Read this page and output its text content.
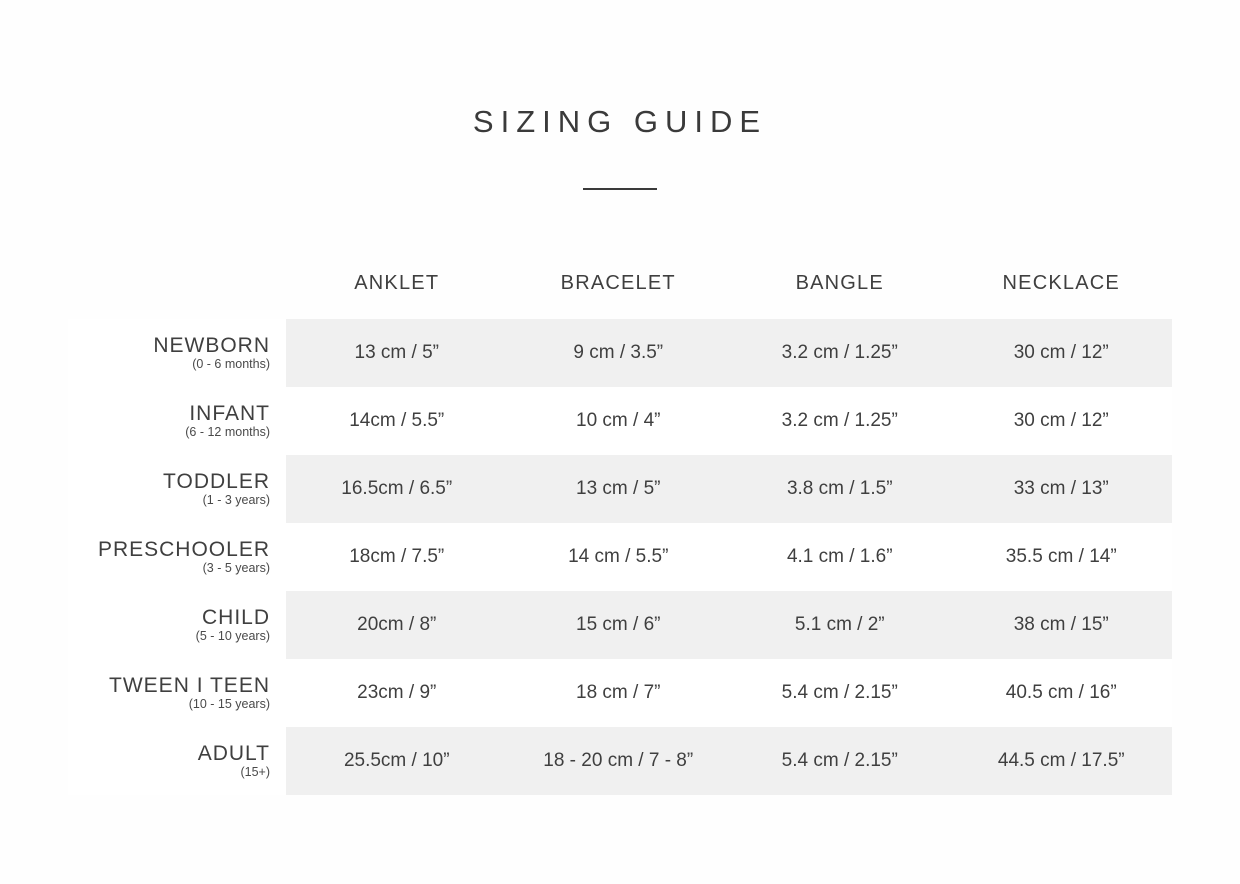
SIZING GUIDE
	ANKLET	BRACELET	BANGLE	NECKLACE

NEWBORN
(0 - 6 months)	13 cm / 5”	9 cm / 3.5”	3.2 cm / 1.25”	30 cm / 12”

INFANT
(6 - 12 months)	14cm / 5.5”	10 cm / 4”	3.2 cm / 1.25”	30 cm / 12”

TODDLER
(1 - 3 years)	16.5cm / 6.5”	13 cm / 5”	3.8 cm / 1.5”	33 cm / 13”

PRESCHOOLER
(3 - 5 years)	18cm / 7.5”	14 cm / 5.5”	4.1 cm / 1.6”	35.5 cm / 14”

CHILD
(5 - 10 years)	20cm / 8”	15 cm / 6”	5.1 cm / 2”	38 cm / 15”

TWEEN I TEEN
(10 - 15 years)	23cm / 9”	18 cm / 7”	5.4 cm / 2.15”	40.5 cm / 16”

ADULT
(15+)	25.5cm / 10”	18 - 20 cm / 7 - 8”	5.4 cm / 2.15”	44.5 cm / 17.5”
